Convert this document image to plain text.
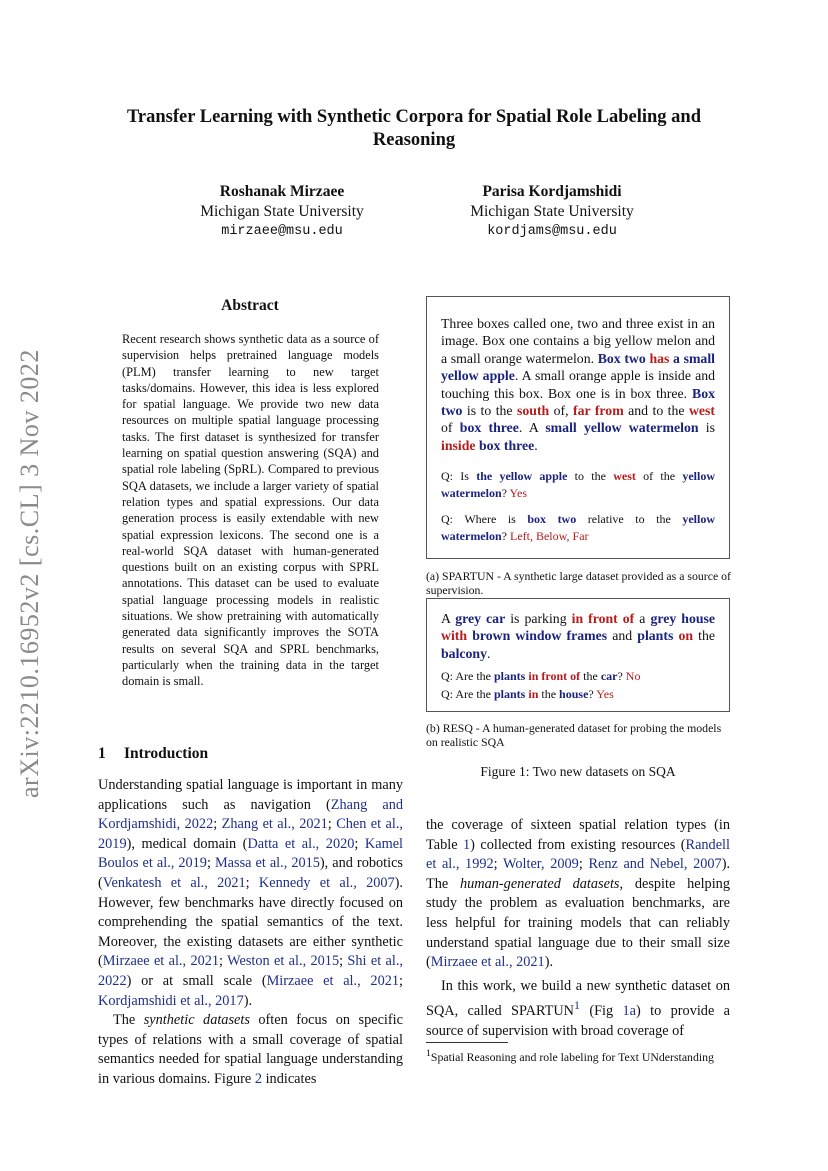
Transfer Learning with Synthetic Corpora for Spatial Role Labeling and Reasoning
Roshanak Mirzaee
Michigan State University
mirzaee@msu.edu
Parisa Kordjamshidi
Michigan State University
kordjams@msu.edu
arXiv:2210.16952v2 [cs.CL] 3 Nov 2022
Abstract
Recent research shows synthetic data as a source of supervision helps pretrained language models (PLM) transfer learning to new target tasks/domains. However, this idea is less explored for spatial language. We provide two new data resources on multiple spatial language processing tasks. The first dataset is synthesized for transfer learning on spatial question answering (SQA) and spatial role labeling (SpRL). Compared to previous SQA datasets, we include a larger variety of spatial relation types and spatial expressions. Our data generation process is easily extendable with new spatial expression lexicons. The second one is a real-world SQA dataset with human-generated questions built on an existing corpus with SPRL annotations. This dataset can be used to evaluate spatial language processing models in realistic situations. We show pretraining with automatically generated data significantly improves the SOTA results on several SQA and SPRL benchmarks, particularly when the training data in the target domain is small.
1 Introduction

Understanding spatial language is important in many applications such as navigation (Zhang and Kordjamshidi, 2022; Zhang et al., 2021; Chen et al., 2019), medical domain (Datta et al., 2020; Kamel Boulos et al., 2019; Massa et al., 2015), and robotics (Venkatesh et al., 2021; Kennedy et al., 2007). However, few benchmarks have directly focused on comprehending the spatial semantics of the text. Moreover, the existing datasets are either synthetic (Mirzaee et al., 2021; Weston et al., 2015; Shi et al., 2022) or at small scale (Mirzaee et al., 2021; Kordjamshidi et al., 2017).

The synthetic datasets often focus on specific types of relations with a small coverage of spatial semantics needed for spatial language understanding in various domains. Figure 2 indicates

Three boxes called one, two and three exist in an image. Box one contains a big yellow melon and a small orange watermelon. Box two has a small yellow apple. A small orange apple is inside and touching this box. Box one is in box three. Box two is to the south of, far from and to the west of box three. A small yellow watermelon is inside box three.
Q: Is the yellow apple to the west of the yellow watermelon? Yes
Q: Where is box two relative to the yellow watermelon? Left, Below, Far
(a) SPARTUN - A synthetic large dataset provided as a source of supervision.
A grey car is parking in front of a grey house with brown window frames and plants on the balcony.
Q: Are the plants in front of the car? No
Q: Are the plants in the house? Yes
(b) RESQ - A human-generated dataset for probing the models on realistic SQA
Figure 1: Two new datasets on SQA

the coverage of sixteen spatial relation types (in Table 1) collected from existing resources (Randell et al., 1992; Wolter, 2009; Renz and Nebel, 2007). The human-generated datasets, despite helping study the problem as evaluation benchmarks, are less helpful for training models that can reliably understand spatial language due to their small size (Mirzaee et al., 2021).

In this work, we build a new synthetic dataset on SQA, called SPARTUN$^1$ (Fig 1a) to provide a source of supervision with broad coverage of

$^1$Spatial Reasoning and role labeling for Text UNderstanding
